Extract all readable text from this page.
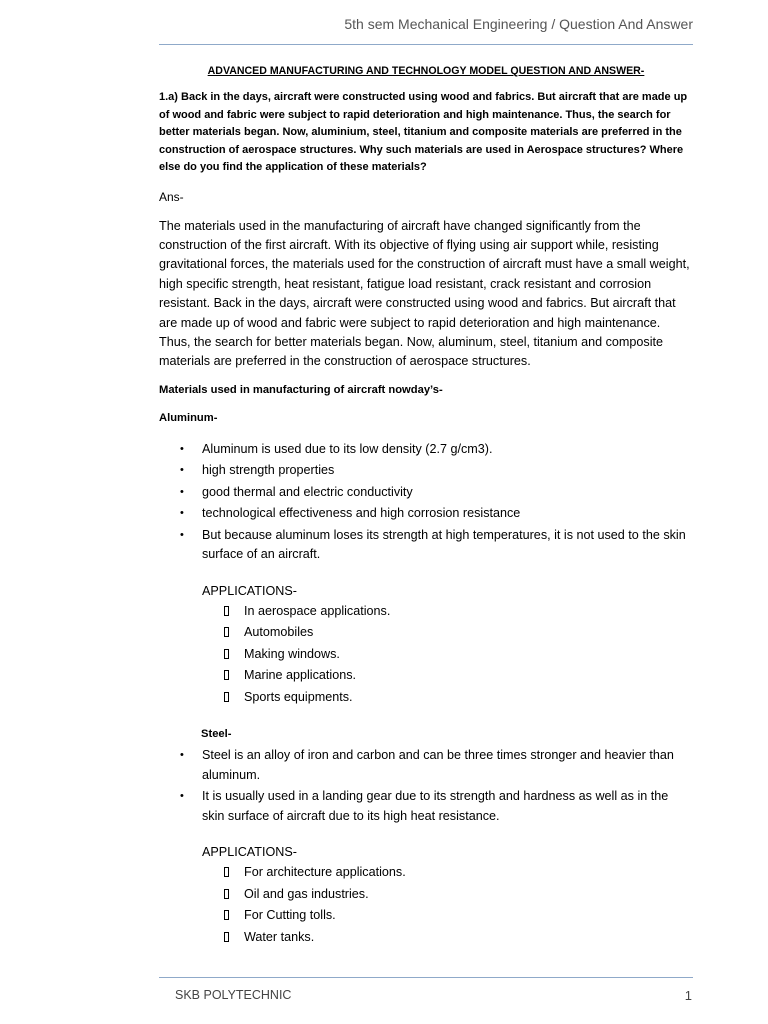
5th sem Mechanical Engineering / Question And Answer
ADVANCED MANUFACTURING AND TECHNOLOGY MODEL QUESTION AND ANSWER-
1.a) Back in the days, aircraft were constructed using wood and fabrics. But aircraft that are made up of wood and fabric were subject to rapid deterioration and high maintenance. Thus, the search for better materials began. Now, aluminium, steel, titanium and composite materials are preferred in the construction of aerospace structures. Why such materials are used in Aerospace structures? Where else do you find the application of these materials?
Ans-
The materials used in the manufacturing of aircraft have changed significantly from the construction of the first aircraft. With its objective of flying using air support while, resisting gravitational forces, the materials used for the construction of aircraft must have a small weight, high specific strength, heat resistant, fatigue load resistant, crack resistant and corrosion resistant. Back in the days, aircraft were constructed using wood and fabrics. But aircraft that are made up of wood and fabric were subject to rapid deterioration and high maintenance. Thus, the search for better materials began. Now, aluminum, steel, titanium and composite materials are preferred in the construction of aerospace structures.
Materials used in manufacturing of aircraft nowday’s-
Aluminum-
• Aluminum is used due to its low density (2.7 g/cm3).
• high strength properties
• good thermal and electric conductivity
• technological effectiveness and high corrosion resistance
• But because aluminum loses its strength at high temperatures, it is not used to the skin surface of an aircraft.
APPLICATIONS-
In aerospace applications.
Automobiles
Making windows.
Marine applications.
Sports equipments.
Steel-
• Steel is an alloy of iron and carbon and can be three times stronger and heavier than aluminum.
• It is usually used in a landing gear due to its strength and hardness as well as in the skin surface of aircraft due to its high heat resistance.
APPLICATIONS-
For architecture applications.
Oil and gas industries.
For Cutting tolls.
Water tanks.
SKB POLYTECHNIC	1
